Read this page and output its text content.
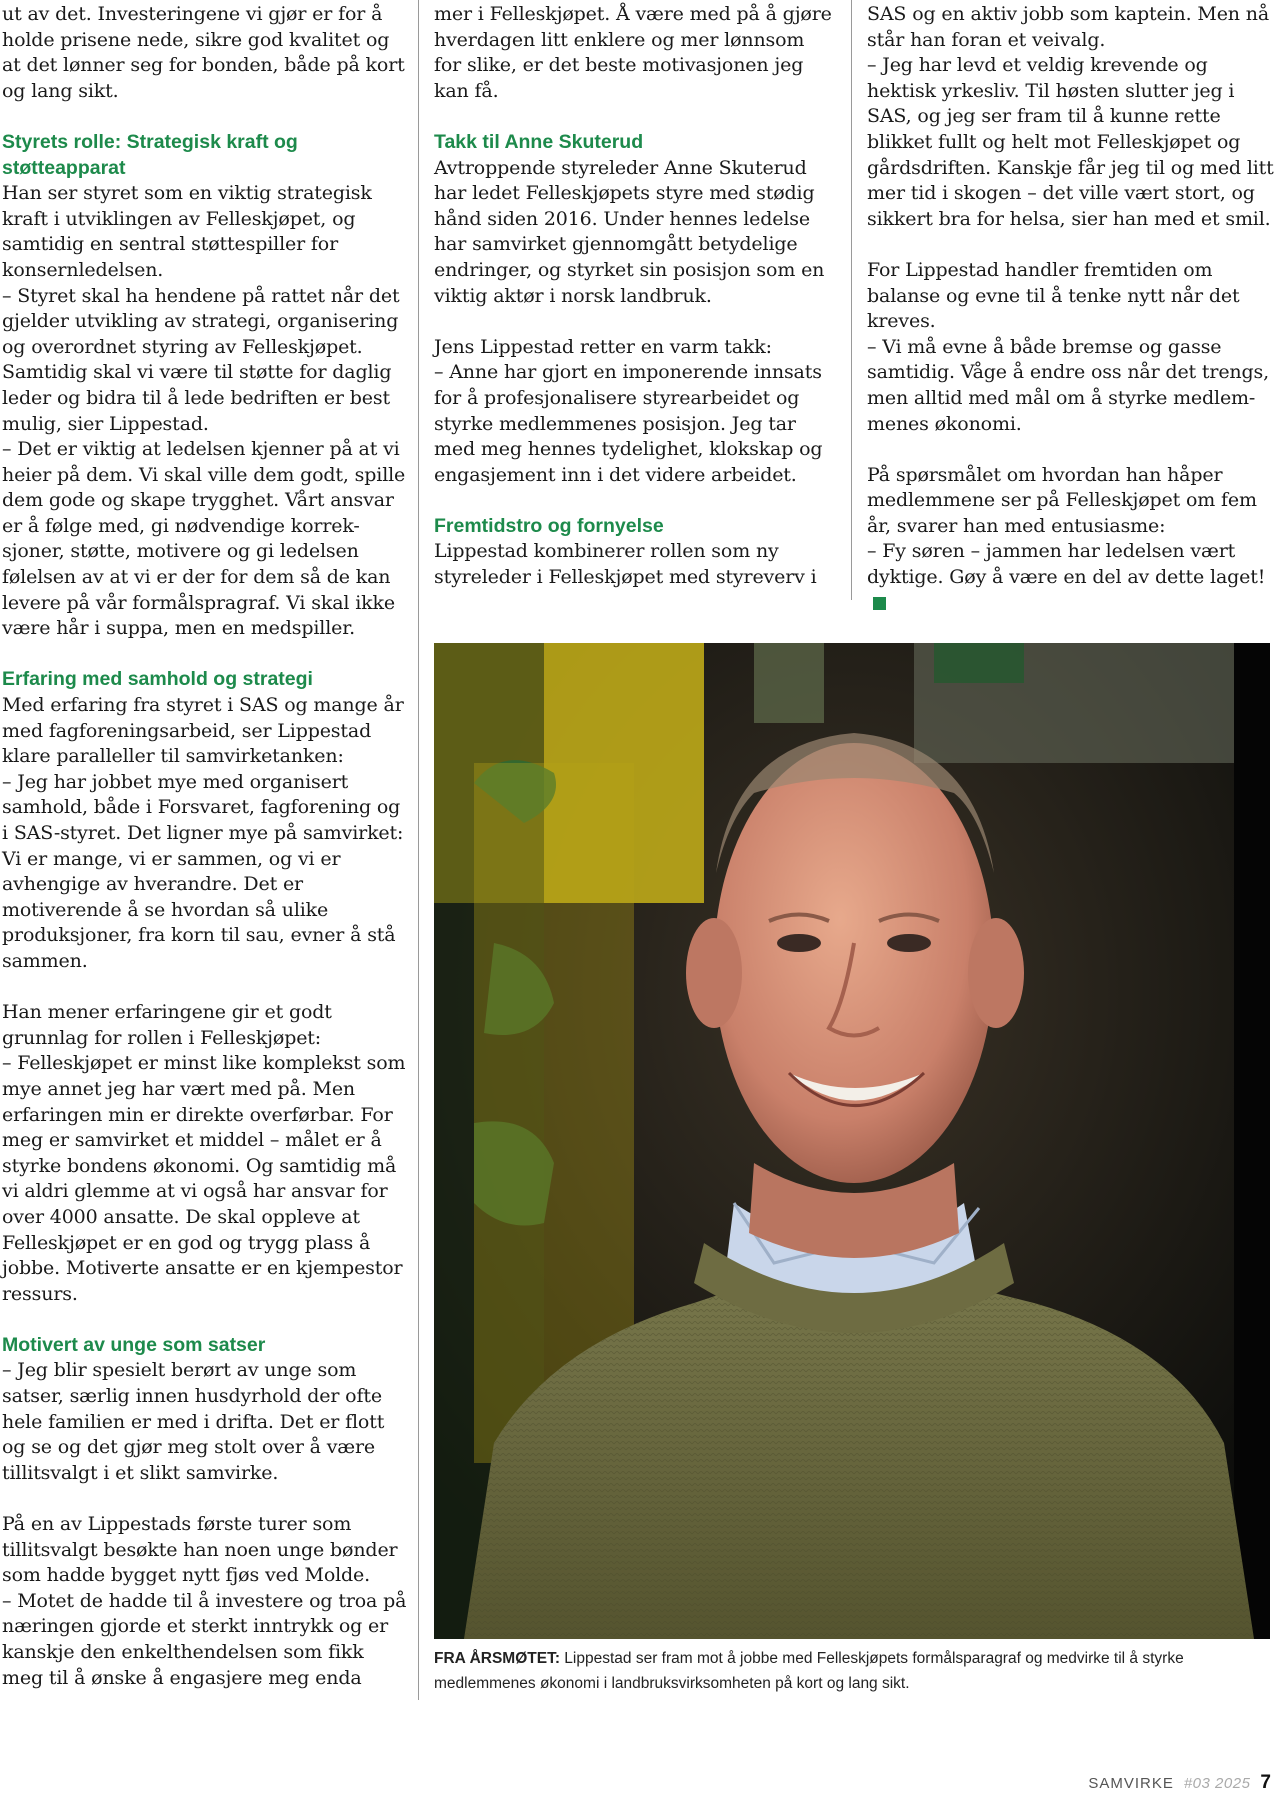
ut av det. Investeringene vi gjør er for å holde prisene nede, sikre god kvalitet og at det lønner seg for bonden, både på kort og lang sikt.
Styrets rolle: Strategisk kraft og støtteapparat
Han ser styret som en viktig strategisk kraft i utviklingen av Felleskjøpet, og samtidig en sentral støttespiller for konsernledelsen.
– Styret skal ha hendene på rattet når det gjelder utvikling av strategi, organisering og overordnet styring av Felleskjøpet. Samtidig skal vi være til støtte for daglig leder og bidra til å lede bedriften er best mulig, sier Lippestad.
– Det er viktig at ledelsen kjenner på at vi heier på dem. Vi skal ville dem godt, spille dem gode og skape trygghet. Vårt ansvar er å følge med, gi nødvendige korrek-sjoner, støtte, motivere og gi ledelsen følelsen av at vi er der for dem så de kan levere på vår formålspragraf. Vi skal ikke være hår i suppa, men en medspiller.
Erfaring med samhold og strategi
Med erfaring fra styret i SAS og mange år med fagforeningsarbeid, ser Lippestad klare paralleller til samvirketanken:
– Jeg har jobbet mye med organisert samhold, både i Forsvaret, fagforening og i SAS-styret. Det ligner mye på samvirket: Vi er mange, vi er sammen, og vi er avhengige av hverandre. Det er motiverende å se hvordan så ulike produksjoner, fra korn til sau, evner å stå sammen.
Han mener erfaringene gir et godt grunnlag for rollen i Felleskjøpet:
– Felleskjøpet er minst like komplekst som mye annet jeg har vært med på. Men erfaringen min er direkte overførbar. For meg er samvirket et middel – målet er å styrke bondens økonomi. Og samtidig må vi aldri glemme at vi også har ansvar for over 4000 ansatte. De skal oppleve at Felleskjøpet er en god og trygg plass å jobbe. Motiverte ansatte er en kjempestor ressurs.
Motivert av unge som satser
– Jeg blir spesielt berørt av unge som satser, særlig innen husdyrhold der ofte hele familien er med i drifta. Det er flott og se og det gjør meg stolt over å være tillitsvalgt i et slikt samvirke.
På en av Lippestads første turer som tillitsvalgt besøkte han noen unge bønder som hadde bygget nytt fjøs ved Molde.
– Motet de hadde til å investere og troa på næringen gjorde et sterkt inntrykk og er kanskje den enkelthendelsen som fikk meg til å ønske å engasjere meg enda
mer i Felleskjøpet. Å være med på å gjøre hverdagen litt enklere og mer lønnsom for slike, er det beste motivasjonen jeg kan få.
Takk til Anne Skuterud
Avtroppende styreleder Anne Skuterud har ledet Felleskjøpets styre med stødig hånd siden 2016. Under hennes ledelse har samvirket gjennomgått betydelige endringer, og styrket sin posisjon som en viktig aktør i norsk landbruk.
Jens Lippestad retter en varm takk:
– Anne har gjort en imponerende innsats for å profesjonalisere styrearbeidet og styrke medlemmenes posisjon. Jeg tar med meg hennes tydelighet, klokskap og engasjement inn i det videre arbeidet.
Fremtidstro og fornyelse
Lippestad kombinerer rollen som ny styreleder i Felleskjøpet med styreverv i
SAS og en aktiv jobb som kaptein. Men nå står han foran et veivalg.
– Jeg har levd et veldig krevende og hektisk yrkesliv. Til høsten slutter jeg i SAS, og jeg ser fram til å kunne rette blikket fullt og helt mot Felleskjøpet og gårdsdriften. Kanskje får jeg til og med litt mer tid i skogen – det ville vært stort, og sikkert bra for helsa, sier han med et smil.
For Lippestad handler fremtiden om balanse og evne til å tenke nytt når det kreves.
– Vi må evne å både bremse og gasse samtidig. Våge å endre oss når det trengs, men alltid med mål om å styrke medlem-menes økonomi.
På spørsmålet om hvordan han håper medlemmene ser på Felleskjøpet om fem år, svarer han med entusiasme:
– Fy søren – jammen har ledelsen vært dyktige. Gøy å være en del av dette laget!
FRA ÅRSMØTET: Lippestad ser fram mot å jobbe med Felleskjøpets formålsparagraf og medvirke til å styrke medlemmenes økonomi i landbruksvirksomheten på kort og lang sikt.
SAMVIRKE #03 2025 7
